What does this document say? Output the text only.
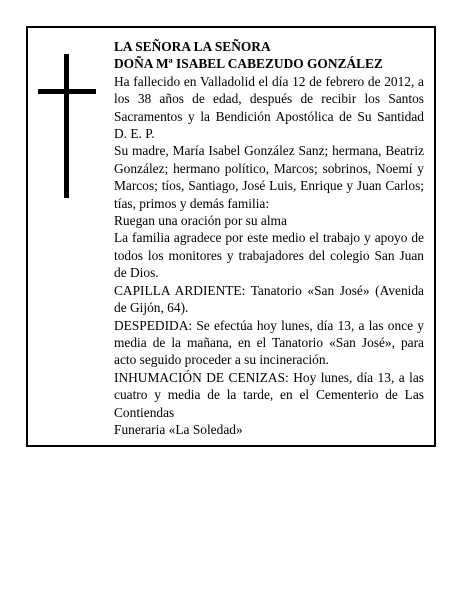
LA SEÑORA LA SEÑORA

DOÑA Mª ISABEL CABEZUDO GONZÁLEZ

Ha fallecido en Valladolid el día 12 de febrero de 2012, a los 38 años de edad, después de recibir los Santos Sacramentos y la Bendición Apostólica de Su Santidad D. E. P.

Su madre, María Isabel González Sanz; hermana, Beatriz González; hermano político, Marcos; sobrinos, Noemí y Marcos; tíos, Santiago, José Luis, Enrique y Juan Carlos; tías, primos y demás familia:

Ruegan una oración por su alma

La familia agradece por este medio el trabajo y apoyo de todos los monitores y trabajadores del colegio San Juan de Dios.

CAPILLA ARDIENTE: Tanatorio «San José» (Avenida de Gijón, 64).

DESPEDIDA: Se efectúa hoy lunes, día 13, a las once y media de la mañana, en el Tanatorio «San José», para acto seguido proceder a su incineración.

INHUMACIÓN DE CENIZAS: Hoy lunes, día 13, a las cuatro y media de la tarde, en el Cementerio de Las Contiendas

Funeraria «La Soledad»
